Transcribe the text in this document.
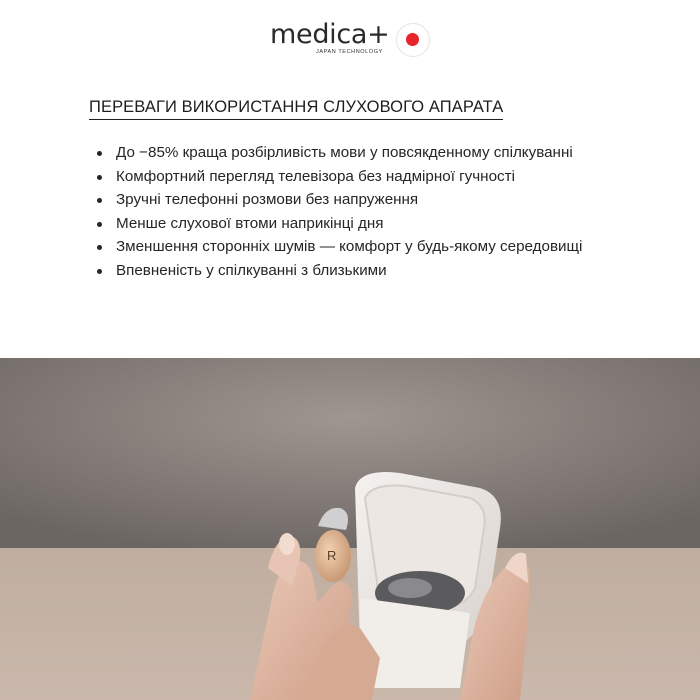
medica+
JAPAN TECHNOLOGY
ПЕРЕВАГИ ВИКОРИСТАННЯ СЛУХОВОГО АПАРАТА
До −85% краща розбірливість мови у повсякденному спілкуванні
Комфортний перегляд телевізора без надмірної гучності
Зручні телефонні розмови без напруження
Менше слухової втоми наприкінці дня
Зменшення сторонніх шумів — комфорт у будь-якому середовищі
Впевненість у спілкуванні з близькими
R
